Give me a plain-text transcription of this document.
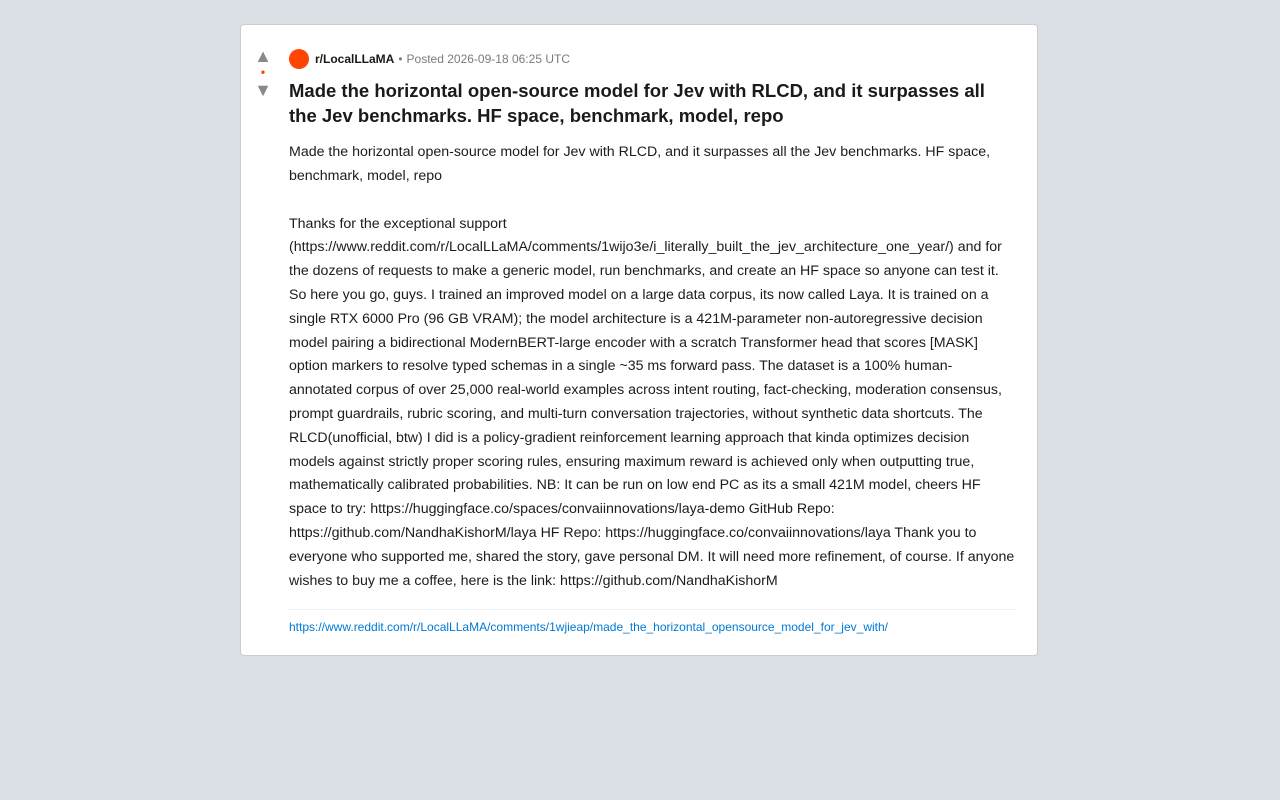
▲
•
▼
r/LocalLLaMA • Posted 2026-09-18 06:25 UTC
Made the horizontal open-source model for Jev with RLCD, and it surpasses all the Jev benchmarks. HF space, benchmark, model, repo

Made the horizontal open-source model for Jev with RLCD, and it surpasses all the Jev benchmarks. HF space, benchmark, model, repo

Thanks for the exceptional support (https://www.reddit.com/r/LocalLLaMA/comments/1wijo3e/i_literally_built_the_jev_architecture_one_year/) and for the dozens of requests to make a generic model, run benchmarks, and create an HF space so anyone can test it. So here you go, guys. I trained an improved model on a large data corpus, its now called Laya. It is trained on a single RTX 6000 Pro (96 GB VRAM); the model architecture is a 421M-parameter non-autoregressive decision model pairing a bidirectional ModernBERT-large encoder with a scratch Transformer head that scores [MASK] option markers to resolve typed schemas in a single ~35 ms forward pass. The dataset is a 100% human-annotated corpus of over 25,000 real-world examples across intent routing, fact-checking, moderation consensus, prompt guardrails, rubric scoring, and multi-turn conversation trajectories, without synthetic data shortcuts. The RLCD(unofficial, btw) I did is a policy-gradient reinforcement learning approach that kinda optimizes decision models against strictly proper scoring rules, ensuring maximum reward is achieved only when outputting true, mathematically calibrated probabilities. NB: It can be run on low end PC as its a small 421M model, cheers HF space to try: https://huggingface.co/spaces/convaiinnovations/laya-demo GitHub Repo: https://github.com/NandhaKishorM/laya HF Repo: https://huggingface.co/convaiinnovations/laya Thank you to everyone who supported me, shared the story, gave personal DM. It will need more refinement, of course. If anyone wishes to buy me a coffee, here is the link: https://github.com/NandhaKishorM

https://www.reddit.com/r/LocalLLaMA/comments/1wjieap/made_the_horizontal_opensource_model_for_jev_with/
